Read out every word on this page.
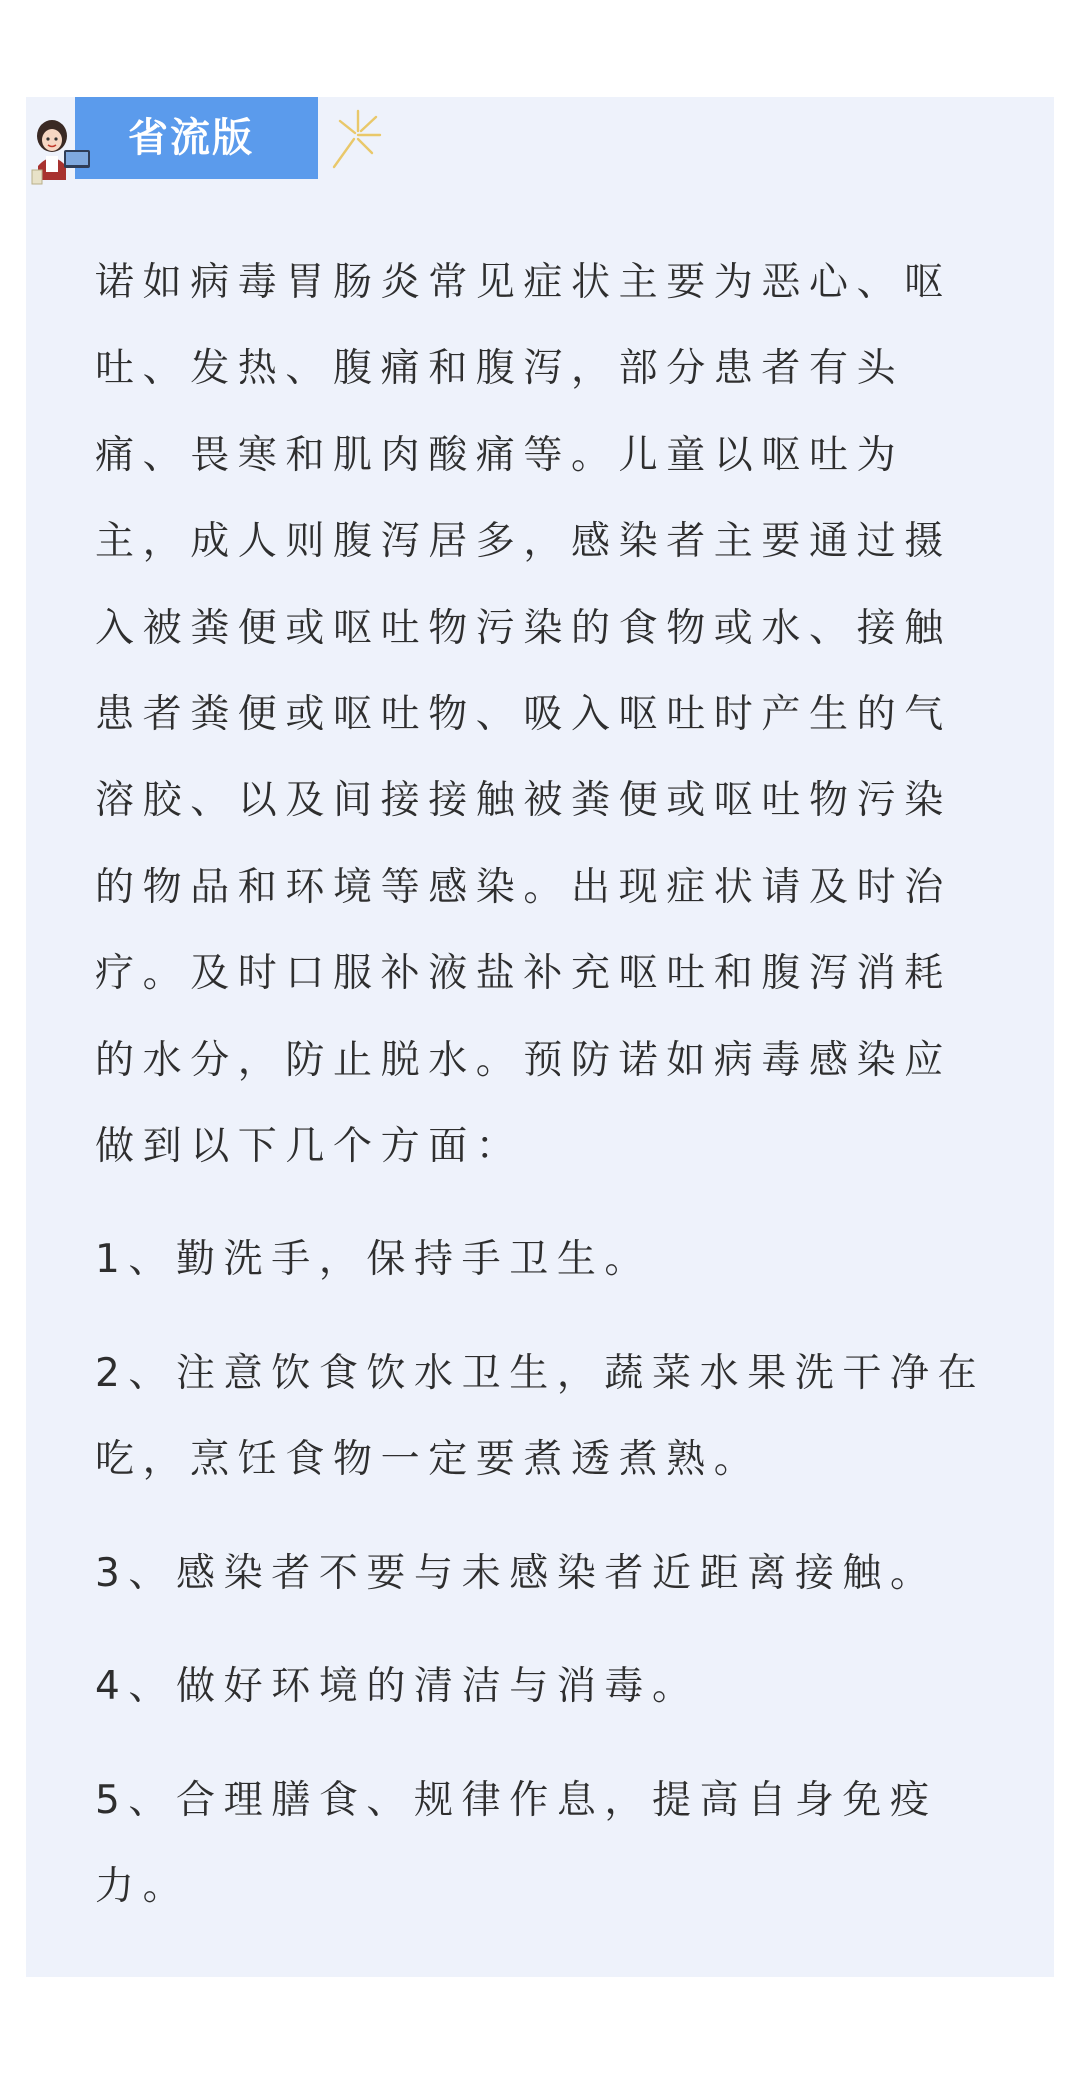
省流版

诺如病毒胃肠炎常见症状主要为恶心、呕吐、发热、腹痛和腹泻，部分患者有头痛、畏寒和肌肉酸痛等。儿童以呕吐为主，成人则腹泻居多，感染者主要通过摄入被粪便或呕吐物污染的食物或水、接触患者粪便或呕吐物、吸入呕吐时产生的气溶胶、以及间接接触被粪便或呕吐物污染的物品和环境等感染。出现症状请及时治疗。及时口服补液盐补充呕吐和腹泻消耗的水分，防止脱水。预防诺如病毒感染应做到以下几个方面：

1、勤洗手，保持手卫生。

2、注意饮食饮水卫生，蔬菜水果洗干净在吃，烹饪食物一定要煮透煮熟。

3、感染者不要与未感染者近距离接触。

4、做好环境的清洁与消毒。

5、合理膳食、规律作息，提高自身免疫力。
